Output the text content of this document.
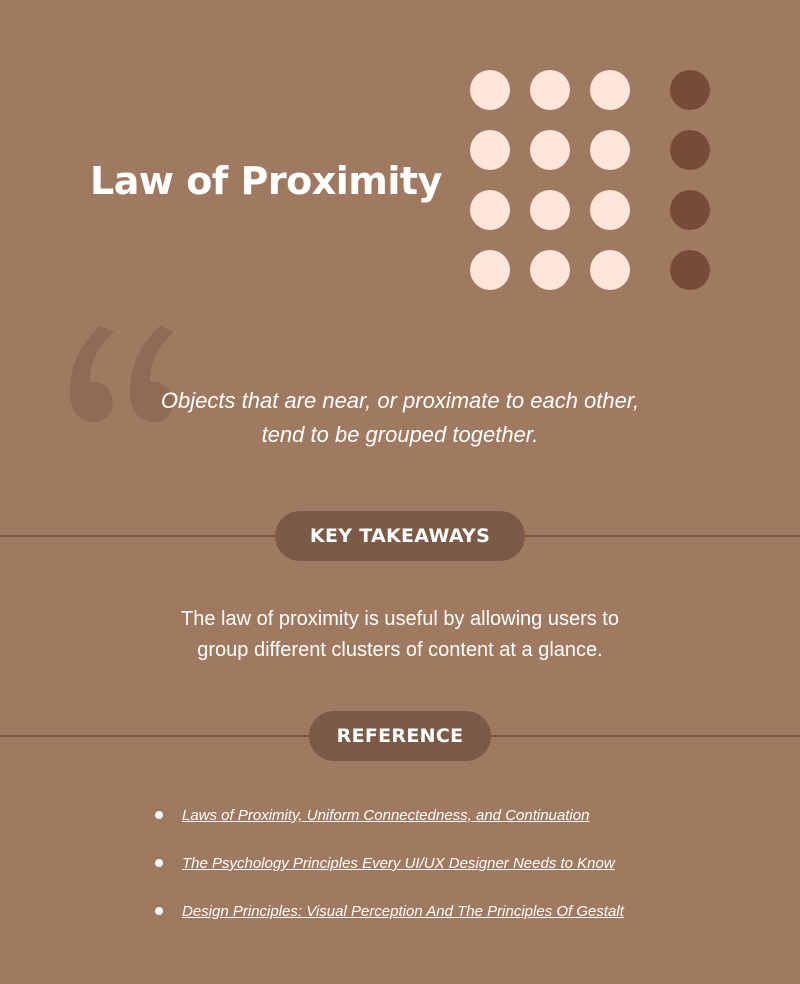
Law of Proximity

Objects that are near, or proximate to each other,
tend to be grouped together.

KEY TAKEAWAYS

The law of proximity is useful by allowing users to
group different clusters of content at a glance.

REFERENCE
Laws of Proximity, Uniform Connectedness, and Continuation
The Psychology Principles Every UI/UX Designer Needs to Know
Design Principles: Visual Perception And The Principles Of Gestalt
